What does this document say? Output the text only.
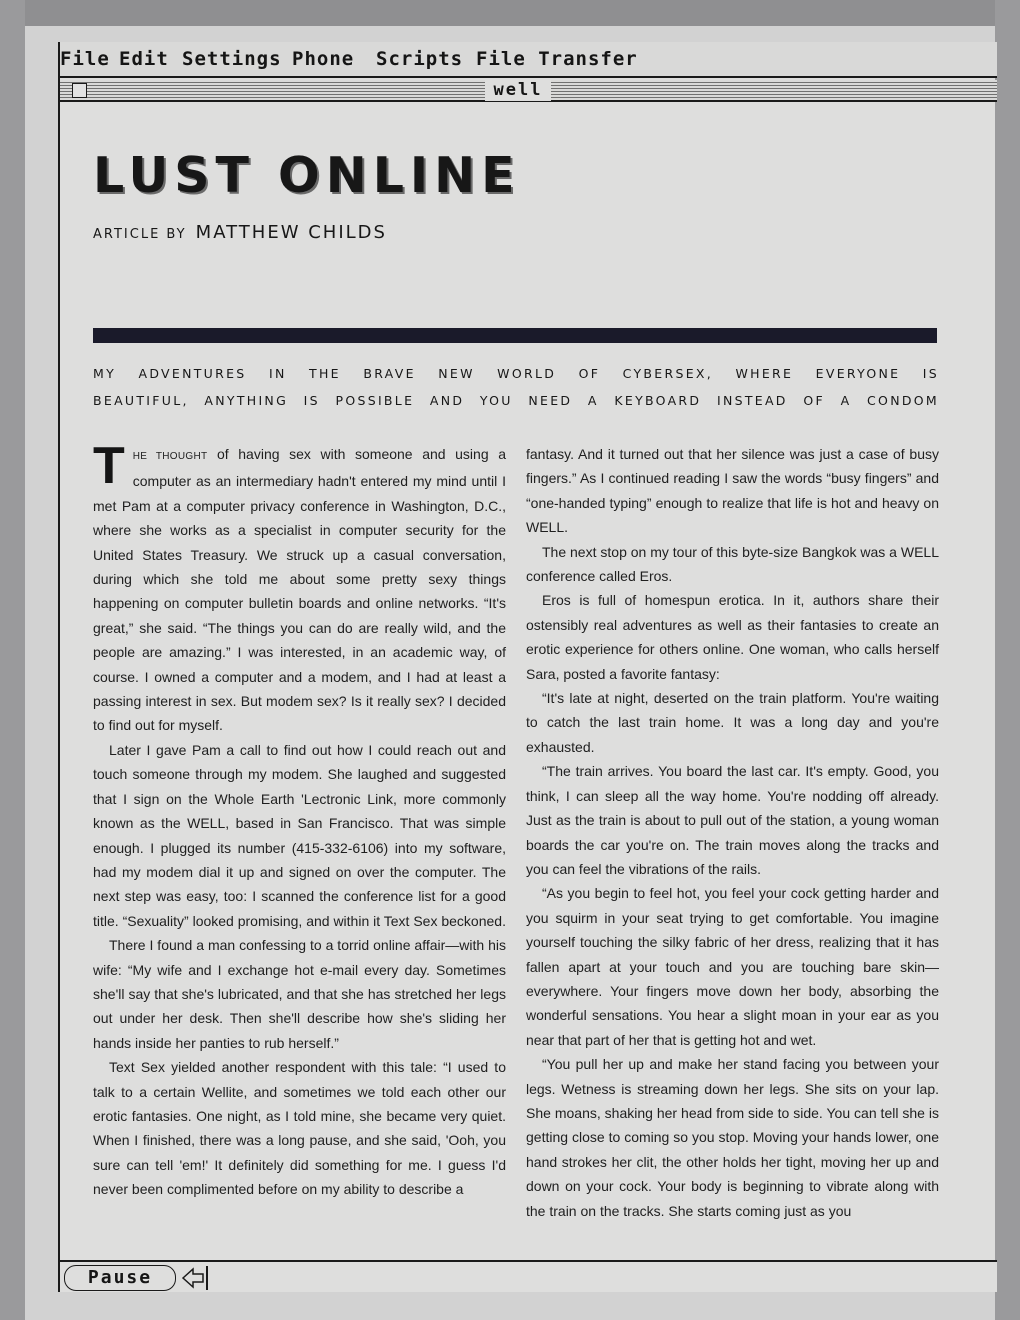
File Edit Settings Phone Scripts File Transfer
well
LUST ONLINE
ARTICLE BY MATTHEW CHILDS
MY ADVENTURES IN THE BRAVE NEW WORLD OF CYBERSEX, WHERE EVERYONE IS
BEAUTIFUL, ANYTHING IS POSSIBLE AND YOU NEED A KEYBOARD INSTEAD OF A CONDOM

THE THOUGHT of having sex with someone and using a computer as an intermediary hadn't entered my mind until I met Pam at a computer privacy conference in Washington, D.C., where she works as a specialist in computer security for the United States Treasury. We struck up a casual conversation, during which she told me about some pretty sexy things happening on computer bulletin boards and online networks. “It's great,” she said. “The things you can do are really wild, and the people are amazing.” I was interested, in an academic way, of course. I owned a computer and a modem, and I had at least a passing interest in sex. But modem sex? Is it really sex? I decided to find out for myself.

Later I gave Pam a call to find out how I could reach out and touch someone through my modem. She laughed and suggested that I sign on the Whole Earth 'Lectronic Link, more commonly known as the WELL, based in San Francisco. That was simple enough. I plugged its number (415-332-6106) into my software, had my modem dial it up and signed on over the computer. The next step was easy, too: I scanned the conference list for a good title. “Sexuality” looked promising, and within it Text Sex beckoned.

There I found a man confessing to a torrid online affair—with his wife: “My wife and I exchange hot e-mail every day. Sometimes she'll say that she's lubricated, and that she has stretched her legs out under her desk. Then she'll describe how she's sliding her hands inside her panties to rub herself.”

Text Sex yielded another respondent with this tale: “I used to talk to a certain Wellite, and sometimes we told each other our erotic fantasies. One night, as I told mine, she became very quiet. When I finished, there was a long pause, and she said, 'Ooh, you sure can tell 'em!' It definitely did something for me. I guess I'd never been complimented before on my ability to describe a

fantasy. And it turned out that her silence was just a case of busy fingers.” As I continued reading I saw the words “busy fingers” and “one-handed typing” enough to realize that life is hot and heavy on WELL.

The next stop on my tour of this byte-size Bangkok was a WELL conference called Eros.

Eros is full of homespun erotica. In it, authors share their ostensibly real adventures as well as their fantasies to create an erotic experience for others online. One woman, who calls herself Sara, posted a favorite fantasy:

“It's late at night, deserted on the train platform. You're waiting to catch the last train home. It was a long day and you're exhausted.

“The train arrives. You board the last car. It's empty. Good, you think, I can sleep all the way home. You're nodding off already. Just as the train is about to pull out of the station, a young woman boards the car you're on. The train moves along the tracks and you can feel the vibrations of the rails.

“As you begin to feel hot, you feel your cock getting harder and you squirm in your seat trying to get comfortable. You imagine yourself touching the silky fabric of her dress, realizing that it has fallen apart at your touch and you are touching bare skin—everywhere. Your fingers move down her body, absorbing the wonderful sensations. You hear a slight moan in your ear as you near that part of her that is getting hot and wet.

“You pull her up and make her stand facing you between your legs. Wetness is streaming down her legs. She sits on your lap. She moans, shaking her head from side to side. You can tell she is getting close to coming so you stop. Moving your hands lower, one hand strokes her clit, the other holds her tight, moving her up and down on your cock. Your body is beginning to vibrate along with the train on the tracks. She starts coming just as you

Pause
